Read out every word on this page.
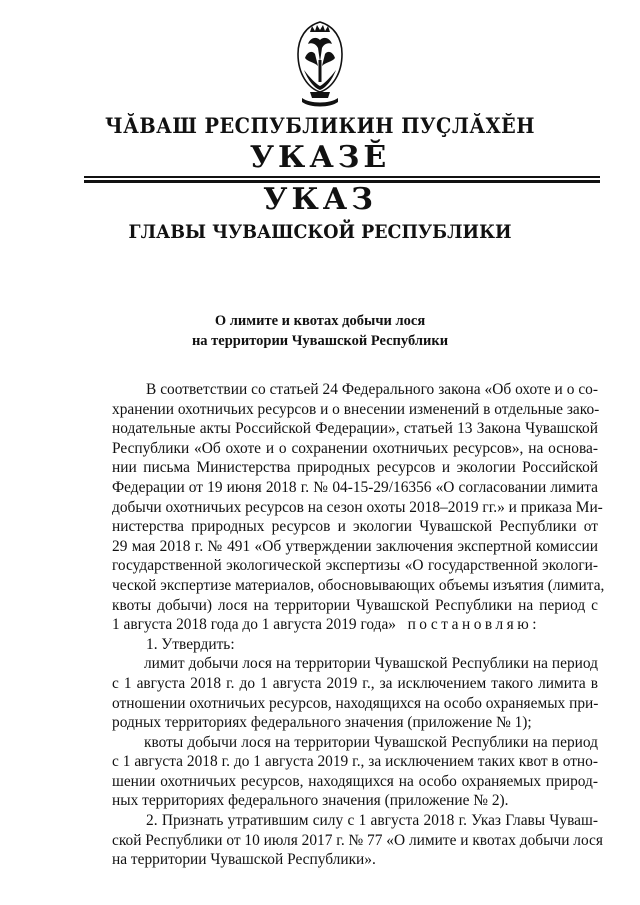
ЧӐВАШ РЕСПУБЛИКИН ПУҪЛӐХӖН
УКАЗӖ
УКАЗ
ГЛАВЫ ЧУВАШСКОЙ РЕСПУБЛИКИ
О лимите и квотах добычи лося
на территории Чувашской Республики
В соответствии со статьей 24 Федерального закона «Об охоте и о со-
хранении охотничьих ресурсов и о внесении изменений в отдельные зако-
нодательные акты Российской Федерации», статьей 13 Закона Чувашской
Республики «Об охоте и о сохранении охотничьих ресурсов», на основа-
нии письма Министерства природных ресурсов и экологии Российской
Федерации от 19 июня 2018 г. № 04-15-29/16356 «О согласовании лимита
добычи охотничьих ресурсов на сезон охоты 2018–2019 гг.» и приказа Ми-
нистерства природных ресурсов и экологии Чувашской Республики от
29 мая 2018 г. № 491 «Об утверждении заключения экспертной комиссии
государственной экологической экспертизы «О государственной экологи-
ческой экспертизе материалов, обосновывающих объемы изъятия (лимита,
квоты добычи) лося на территории Чувашской Республики на период с
1 августа 2018 года до 1 августа 2019 года» постановляю:
1. Утвердить:
лимит добычи лося на территории Чувашской Республики на период
с 1 августа 2018 г. до 1 августа 2019 г., за исключением такого лимита в
отношении охотничьих ресурсов, находящихся на особо охраняемых при-
родных территориях федерального значения (приложение № 1);
квоты добычи лося на территории Чувашской Республики на период
с 1 августа 2018 г. до 1 августа 2019 г., за исключением таких квот в отно-
шении охотничьих ресурсов, находящихся на особо охраняемых природ-
ных территориях федерального значения (приложение № 2).
2. Признать утратившим силу с 1 августа 2018 г. Указ Главы Чуваш-
ской Республики от 10 июля 2017 г. № 77 «О лимите и квотах добычи лося
на территории Чувашской Республики».
